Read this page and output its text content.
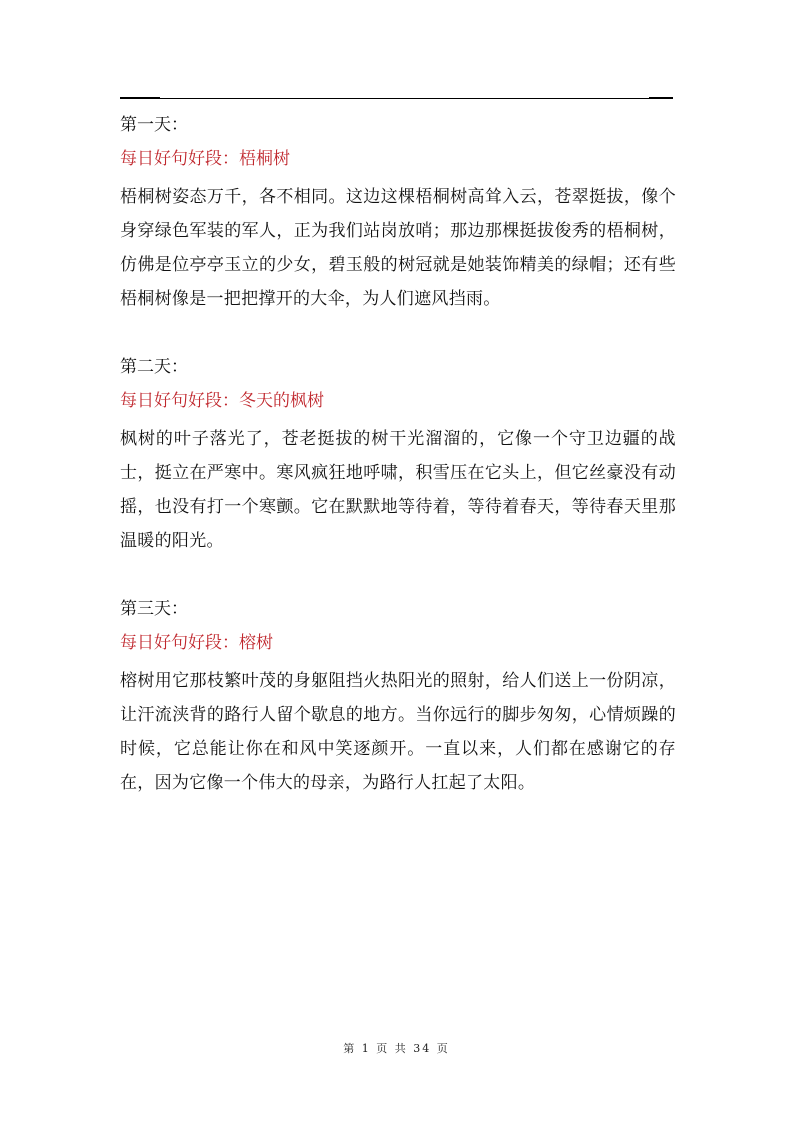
第一天：

每日好句好段：梧桐树

梧桐树姿态万千，各不相同。这边这棵梧桐树高耸入云，苍翠挺拔，像个身穿绿色军装的军人，正为我们站岗放哨；那边那棵挺拔俊秀的梧桐树，仿佛是位亭亭玉立的少女，碧玉般的树冠就是她装饰精美的绿帽；还有些梧桐树像是一把把撑开的大伞，为人们遮风挡雨。

第二天：

每日好句好段：冬天的枫树

枫树的叶子落光了，苍老挺拔的树干光溜溜的，它像一个守卫边疆的战士，挺立在严寒中。寒风疯狂地呼啸，积雪压在它头上，但它丝豪没有动摇，也没有打一个寒颤。它在默默地等待着，等待着春天，等待春天里那温暖的阳光。

第三天：

每日好句好段：榕树

榕树用它那枝繁叶茂的身躯阻挡火热阳光的照射，给人们送上一份阴凉，让汗流浃背的路行人留个歇息的地方。当你远行的脚步匆匆，心情烦躁的时候，它总能让你在和风中笑逐颜开。一直以来，人们都在感谢它的存在，因为它像一个伟大的母亲，为路行人扛起了太阳。

第 1 页 共 34 页
